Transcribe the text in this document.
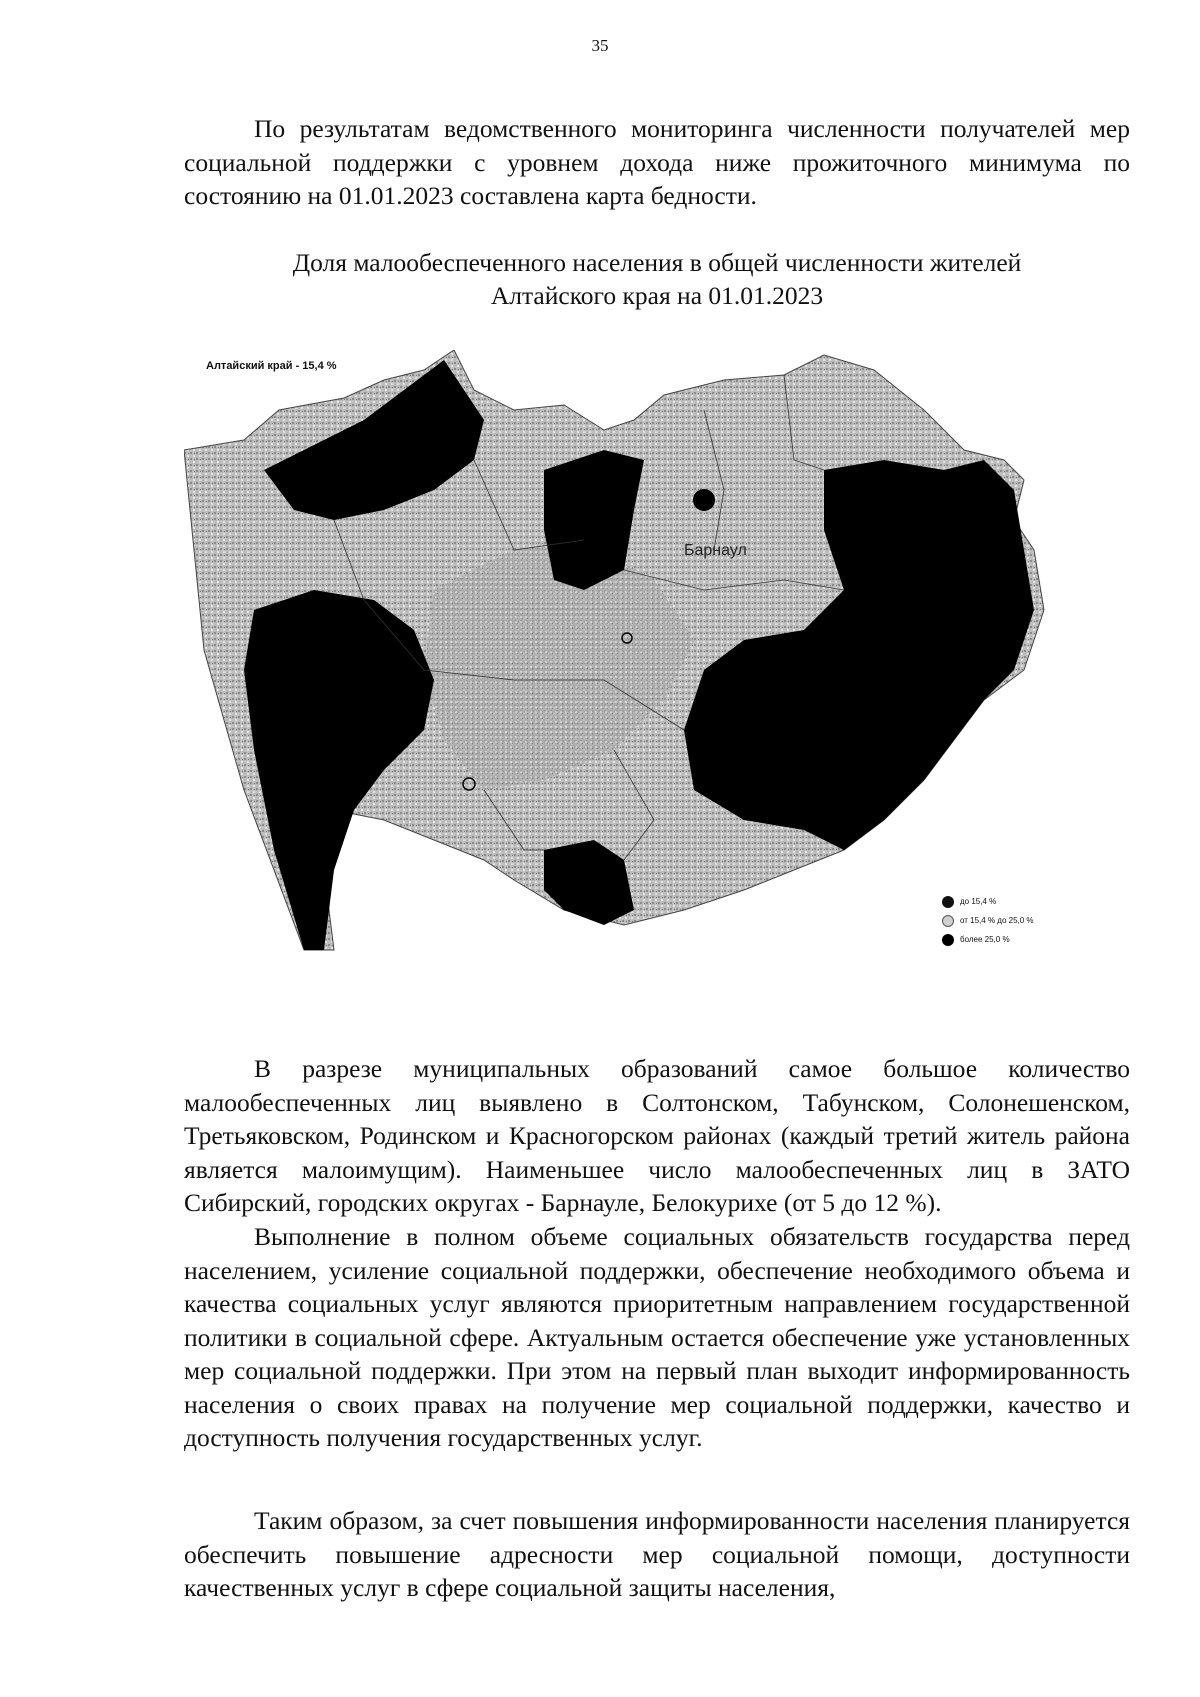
35

По результатам ведомственного мониторинга численности получателей мер социальной поддержки с уровнем дохода ниже прожиточного минимума по состоянию на 01.01.2023 составлена карта бедности.

Доля малообеспеченного населения в общей численности жителей
Алтайского края на 01.01.2023
Алтайский край - 15,4 %
Барнаул
до 15,4 %
от 15,4 % до 25,0 %
более 25,0 %

В разрезе муниципальных образований самое большое количество малообеспеченных лиц выявлено в Солтонском, Табунском, Солонешенском, Третьяковском, Родинском и Красногорском районах (каждый третий житель района является малоимущим). Наименьшее число малообеспеченных лиц в ЗАТО Сибирский, городских округах - Барнауле, Белокурихе (от 5 до 12 %).

Выполнение в полном объеме социальных обязательств государства перед населением, усиление социальной поддержки, обеспечение необходимого объема и качества социальных услуг являются приоритетным направлением государственной политики в социальной сфере. Актуальным остается обеспечение уже установленных мер социальной поддержки. При этом на первый план выходит информированность населения о своих правах на получение мер социальной поддержки, качество и доступность получения государственных услуг.

Таким образом, за счет повышения информированности населения планируется обеспечить повышение адресности мер социальной помощи, доступности качественных услуг в сфере социальной защиты населения,
